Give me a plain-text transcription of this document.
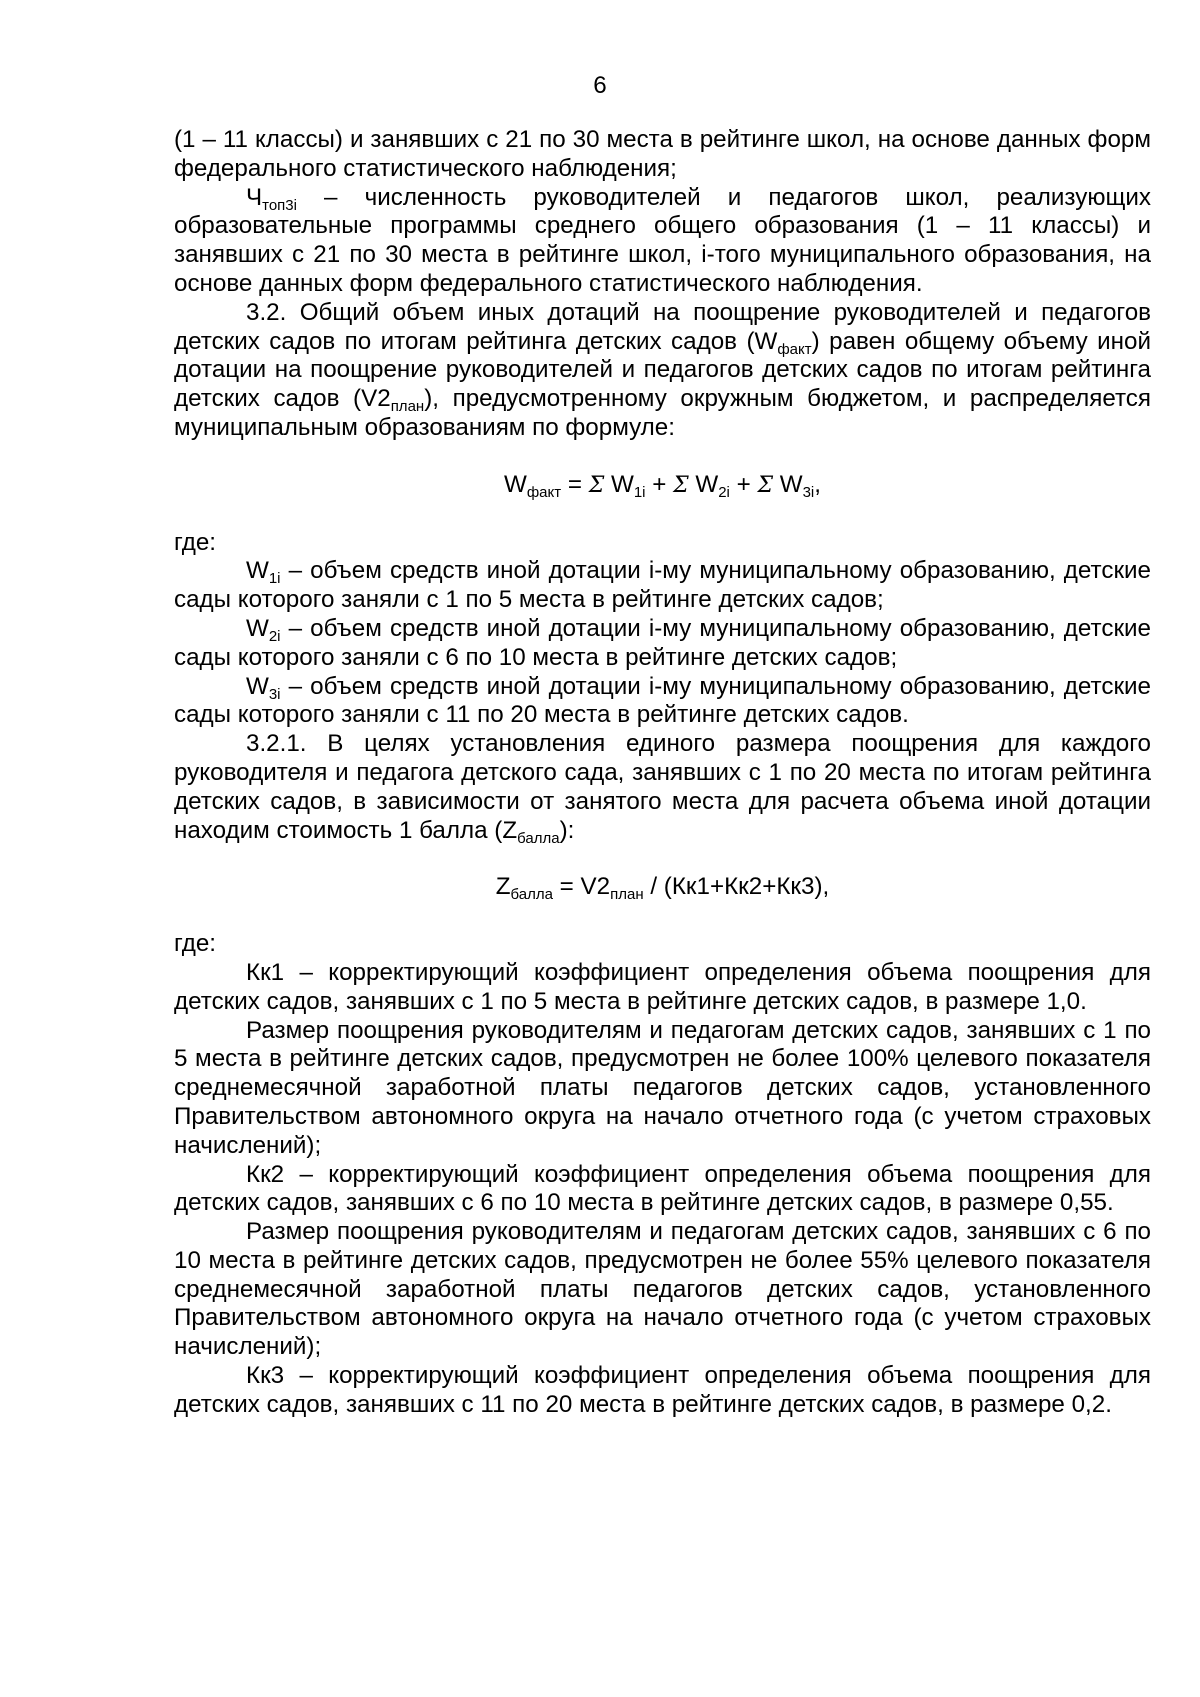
6

(1 – 11 классы) и занявших с 21 по 30 места в рейтинге школ, на основе данных форм федерального статистического наблюдения;

$Ч_{топ3i}$ – численность руководителей и педагогов школ, реализующих образовательные программы среднего общего образования (1 – 11 классы) и занявших с 21 по 30 места в рейтинге школ, i-того муниципального образования, на основе данных форм федерального статистического наблюдения.

3.2. Общий объем иных дотаций на поощрение руководителей и педагогов детских садов по итогам рейтинга детских садов $(W_{факт})$ равен общему объему иной дотации на поощрение руководителей и педагогов детских садов по итогам рейтинга детских садов $(V2_{план})$, предусмотренному окружным бюджетом, и распределяется муниципальным образованиям по формуле:

$W_{факт} = \Sigma$ $W_{1i} + \Sigma$ $W_{2i} + \Sigma$ $W_{3i}$,

где:

$W_{1i}$ – объем средств иной дотации i-му муниципальному образованию, детские сады которого заняли с 1 по 5 места в рейтинге детских садов;

$W_{2i}$ – объем средств иной дотации i-му муниципальному образованию, детские сады которого заняли с 6 по 10 места в рейтинге детских садов;

$W_{3i}$ – объем средств иной дотации i-му муниципальному образованию, детские сады которого заняли с 11 по 20 места в рейтинге детских садов.

3.2.1. В целях установления единого размера поощрения для каждого руководителя и педагога детского сада, занявших с 1 по 20 места по итогам рейтинга детских садов, в зависимости от занятого места для расчета объема иной дотации находим стоимость 1 балла $(Z_{балла})$:

$Z_{балла} = V2_{план} / (Кк1+Кк2+Кк3)$,

где:

Кк1 – корректирующий коэффициент определения объема поощрения для детских садов, занявших с 1 по 5 места в рейтинге детских садов, в размере 1,0.

Размер поощрения руководителям и педагогам детских садов, занявших с 1 по 5 места в рейтинге детских садов, предусмотрен не более 100% целевого показателя среднемесячной заработной платы педагогов детских садов, установленного Правительством автономного округа на начало отчетного года (с учетом страховых начислений);

Кк2 – корректирующий коэффициент определения объема поощрения для детских садов, занявших с 6 по 10 места в рейтинге детских садов, в размере 0,55.

Размер поощрения руководителям и педагогам детских садов, занявших с 6 по 10 места в рейтинге детских садов, предусмотрен не более 55% целевого показателя среднемесячной заработной платы педагогов детских садов, установленного Правительством автономного округа на начало отчетного года (с учетом страховых начислений);

Кк3 – корректирующий коэффициент определения объема поощрения для детских садов, занявших с 11 по 20 места в рейтинге детских садов, в размере 0,2.
